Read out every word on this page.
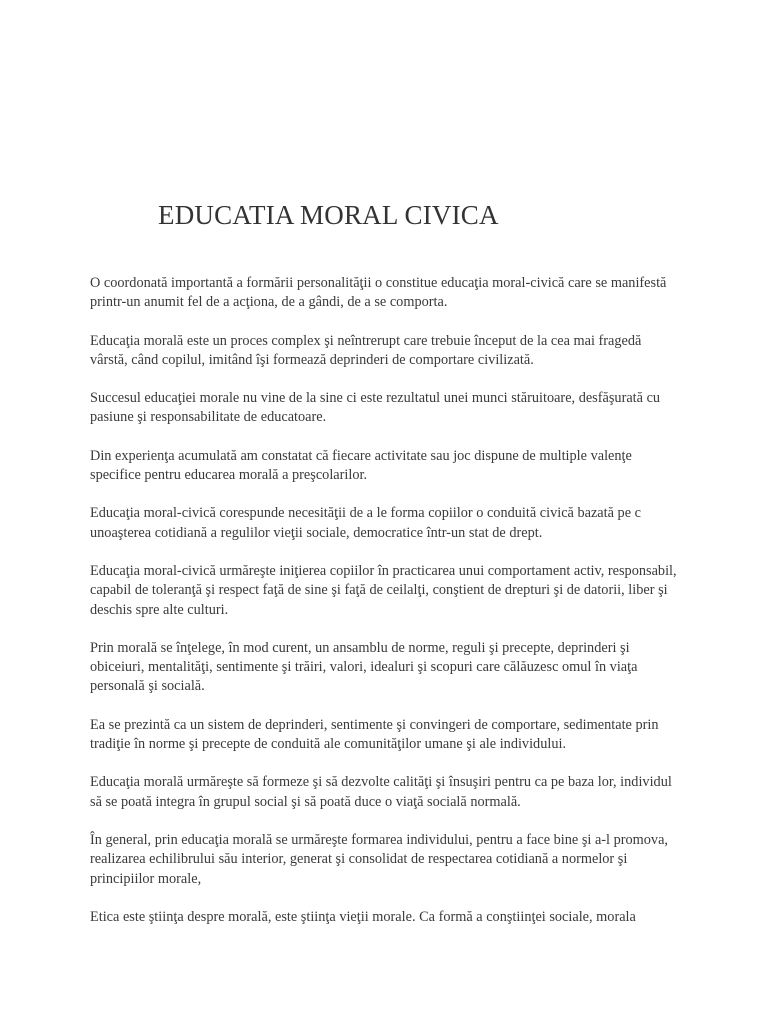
EDUCATIA MORAL CIVICA

O coordonată importantă a formării personalităţii o constitue educaţia moral-civică care se manifestă printr-un anumit fel de a acţiona, de a gândi, de a se comporta.

Educaţia morală este un proces complex şi neîntrerupt care trebuie început de la cea mai fragedă vârstă, când copilul, imitând îşi formează deprinderi de comportare civilizată.

Succesul educaţiei morale nu vine de la sine ci este rezultatul unei munci stăruitoare, desfăşurată cu pasiune şi responsabilitate de educatoare.

Din experienţa acumulată am constatat că fiecare activitate sau joc dispune de multiple valenţe specifice pentru educarea morală a preşcolarilor.

Educaţia moral-civică corespunde necesităţii de a le forma copiilor o conduită civică bazată pe c unoaşterea cotidiană a regulilor vieţii sociale, democratice într-un stat de drept.

Educaţia moral-civică urmăreşte iniţierea copiilor în practicarea unui comportament activ, responsabil, capabil de toleranţă şi respect faţă de sine şi faţă de ceilalţi, conştient de drepturi şi de datorii, liber şi deschis spre alte culturi.

Prin morală se înţelege, în mod curent, un ansamblu de norme, reguli şi precepte, deprinderi şi obiceiuri, mentalităţi, sentimente şi trăiri, valori, idealuri şi scopuri care călăuzesc omul în viaţa personală şi socială.

Ea se prezintă ca un sistem de deprinderi, sentimente şi convingeri de comportare, sedimentate prin tradiţie în norme şi precepte de conduită ale comunităţilor umane şi ale individului.

Educaţia morală urmăreşte să formeze şi să dezvolte calităţi şi însuşiri pentru ca pe baza lor, individul să se poată integra în grupul social şi să poată duce o viaţă socială normală.

În general, prin educaţia morală se urmăreşte formarea individului, pentru a face bine şi a-l promova, realizarea echilibrului său interior, generat şi consolidat de respectarea cotidiană a normelor şi principiilor morale,

Etica este ştiinţa despre morală, este ştiinţa vieţii morale. Ca formă a conştiinţei sociale, morala
